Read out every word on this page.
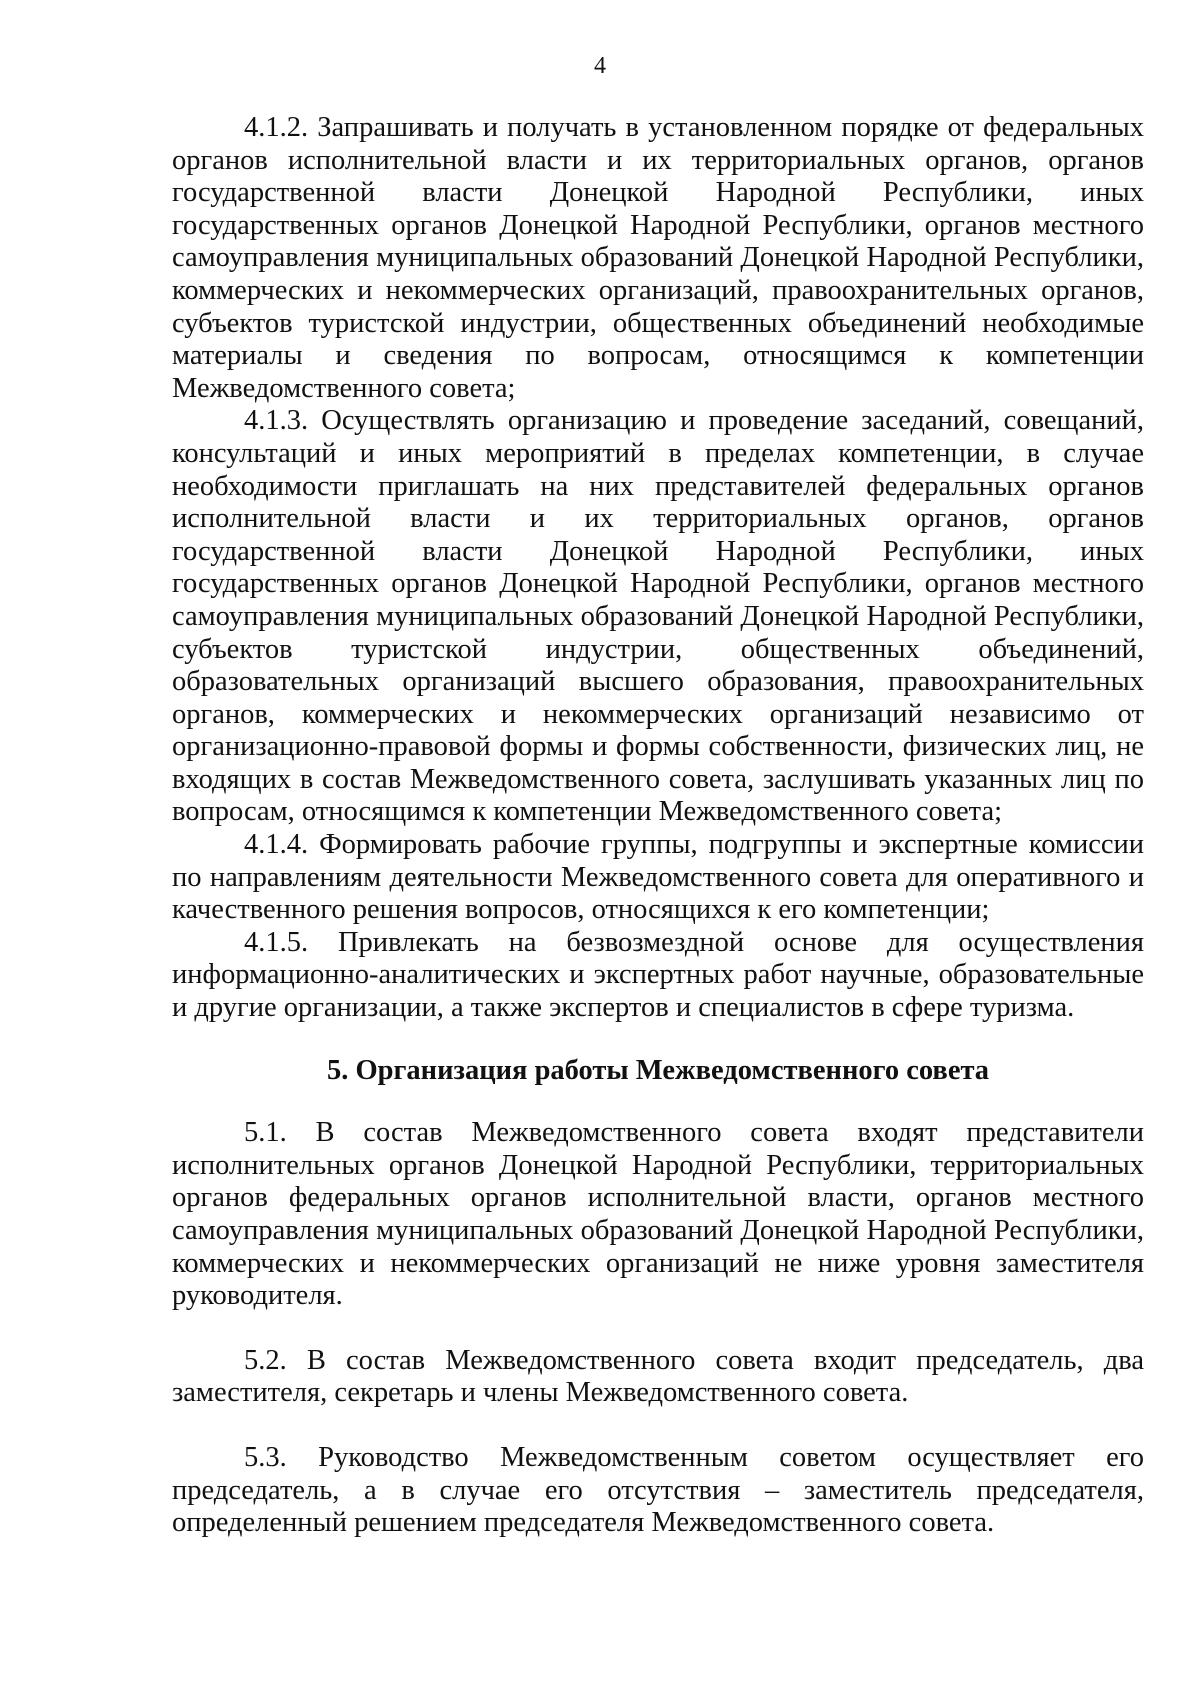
4

4.1.2. Запрашивать и получать в установленном порядке от федеральных органов исполнительной власти и их территориальных органов, органов государственной власти Донецкой Народной Республики, иных государственных органов Донецкой Народной Республики, органов местного самоуправления муниципальных образований Донецкой Народной Республики, коммерческих и некоммерческих организаций, правоохранительных органов, субъектов туристской индустрии, общественных объединений необходимые материалы и сведения по вопросам, относящимся к компетенции Межведомственного совета;

4.1.3. Осуществлять организацию и проведение заседаний, совещаний, консультаций и иных мероприятий в пределах компетенции, в случае необходимости приглашать на них представителей федеральных органов исполнительной власти и их территориальных органов, органов государственной власти Донецкой Народной Республики, иных государственных органов Донецкой Народной Республики, органов местного самоуправления муниципальных образований Донецкой Народной Республики, субъектов туристской индустрии, общественных объединений, образовательных организаций высшего образования, правоохранительных органов, коммерческих и некоммерческих организаций независимо от организационно-правовой формы и формы собственности, физических лиц, не входящих в состав Межведомственного совета, заслушивать указанных лиц по вопросам, относящимся к компетенции Межведомственного совета;

4.1.4. Формировать рабочие группы, подгруппы и экспертные комиссии по направлениям деятельности Межведомственного совета для оперативного и качественного решения вопросов, относящихся к его компетенции;

4.1.5. Привлекать на безвозмездной основе для осуществления информационно-аналитических и экспертных работ научные, образовательные и другие организации, а также экспертов и специалистов в сфере туризма.

5. Организация работы Межведомственного совета

5.1. В состав Межведомственного совета входят представители исполнительных органов Донецкой Народной Республики, территориальных органов федеральных органов исполнительной власти, органов местного самоуправления муниципальных образований Донецкой Народной Республики, коммерческих и некоммерческих организаций не ниже уровня заместителя руководителя.

5.2. В состав Межведомственного совета входит председатель, два заместителя, секретарь и члены Межведомственного совета.

5.3. Руководство Межведомственным советом осуществляет его председатель, а в случае его отсутствия – заместитель председателя, определенный решением председателя Межведомственного совета.
